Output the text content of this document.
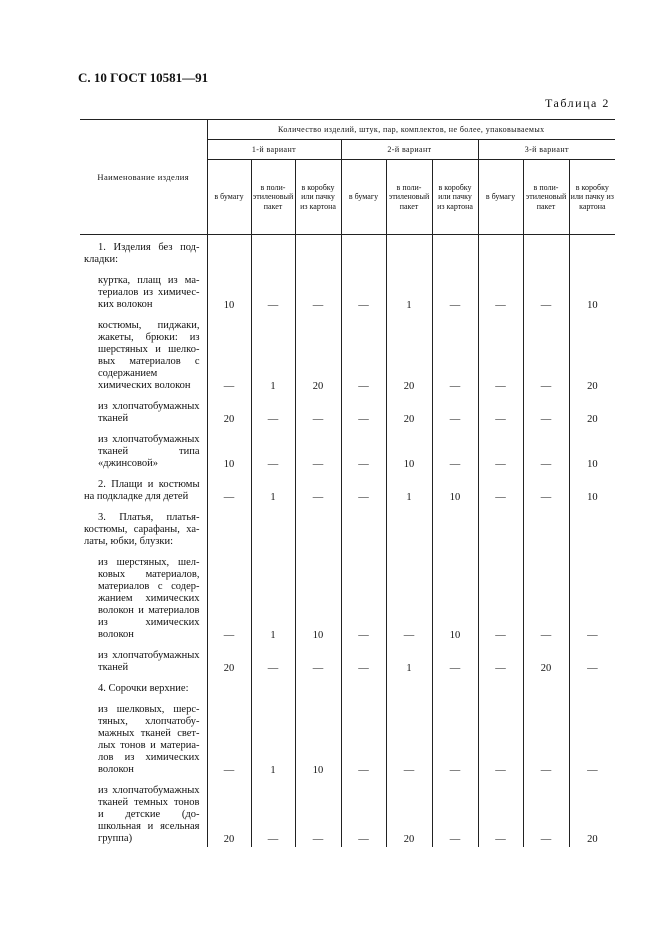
С. 10 ГОСТ 10581—91
Таблица 2
Наименование изделия	Количество изделий, штук, пар, комплектов, не более, упаковываемых								
	1-й вариант			2-й вариант			3-й вариант		
	в бумагу	в полиэтиленовый пакет	в коробку или пачку из картона	в бумагу	в полиэтиленовый пакет	в коробку или пачку из картона	в бумагу	в полиэтиленовый пакет	в коробку или пачку из картона
1. Изделия без подкладки:									
куртка, плащ из материалов из химических волокон	10	—	—	—	1	—	—	—	10
костюмы, пиджаки, жакеты, брюки: из шерстяных и шелковых материалов с содержанием химических волокон	—	1	20	—	20	—	—	—	20
из хлопчатобумажных тканей	20	—	—	—	20	—	—	—	20
из хлопчатобумажных тканей типа «джинсовой»	10	—	—	—	10	—	—	—	10
2. Плащи и костюмы на подкладке для детей	—	1	—	—	1	10	—	—	10
3. Платья, платьякостюмы, сарафаны, халаты, юбки, блузки:									
из шерстяных, шелковых материалов, материалов с содержанием химических волокон и материалов из химических волокон	—	1	10	—	—	10	—	—	—
из хлопчатобумажных тканей	20	—	—	—	1	—	—	20	—
4. Сорочки верхние:									
из шелковых, шерстяных, хлопчатобумажных тканей светлых тонов и материалов из химических волокон	—	1	10	—	—	—	—	—	—
из хлопчатобумажных тканей темных тонов и детские (дошкольная и ясельная группа)	20	—	—	—	20	—	—	—	20
